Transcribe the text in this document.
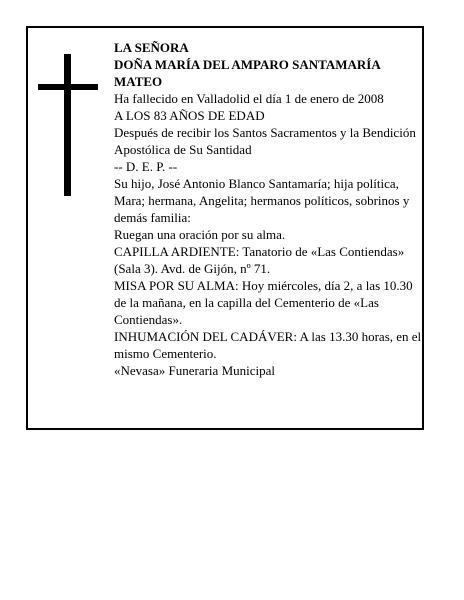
LA SEÑORA

DOÑA MARÍA DEL AMPARO SANTAMARÍA

MATEO

Ha fallecido en Valladolid el día 1 de enero de 2008

A LOS 83 AÑOS DE EDAD

Después de recibir los Santos Sacramentos y la Bendición Apostólica de Su Santidad

-- D. E. P. --

Su hijo, José Antonio Blanco Santamaría; hija política, Mara; hermana, Angelita; hermanos políticos, sobrinos y demás familia:

Ruegan una oración por su alma.

CAPILLA ARDIENTE: Tanatorio de «Las Contiendas» (Sala 3). Avd. de Gijón, nº 71.

MISA POR SU ALMA: Hoy miércoles, día 2, a las 10.30 de la mañana, en la capilla del Cementerio de «Las Contiendas».

INHUMACIÓN DEL CADÁVER: A las 13.30 horas, en el mismo Cementerio.

«Nevasa» Funeraria Municipal
